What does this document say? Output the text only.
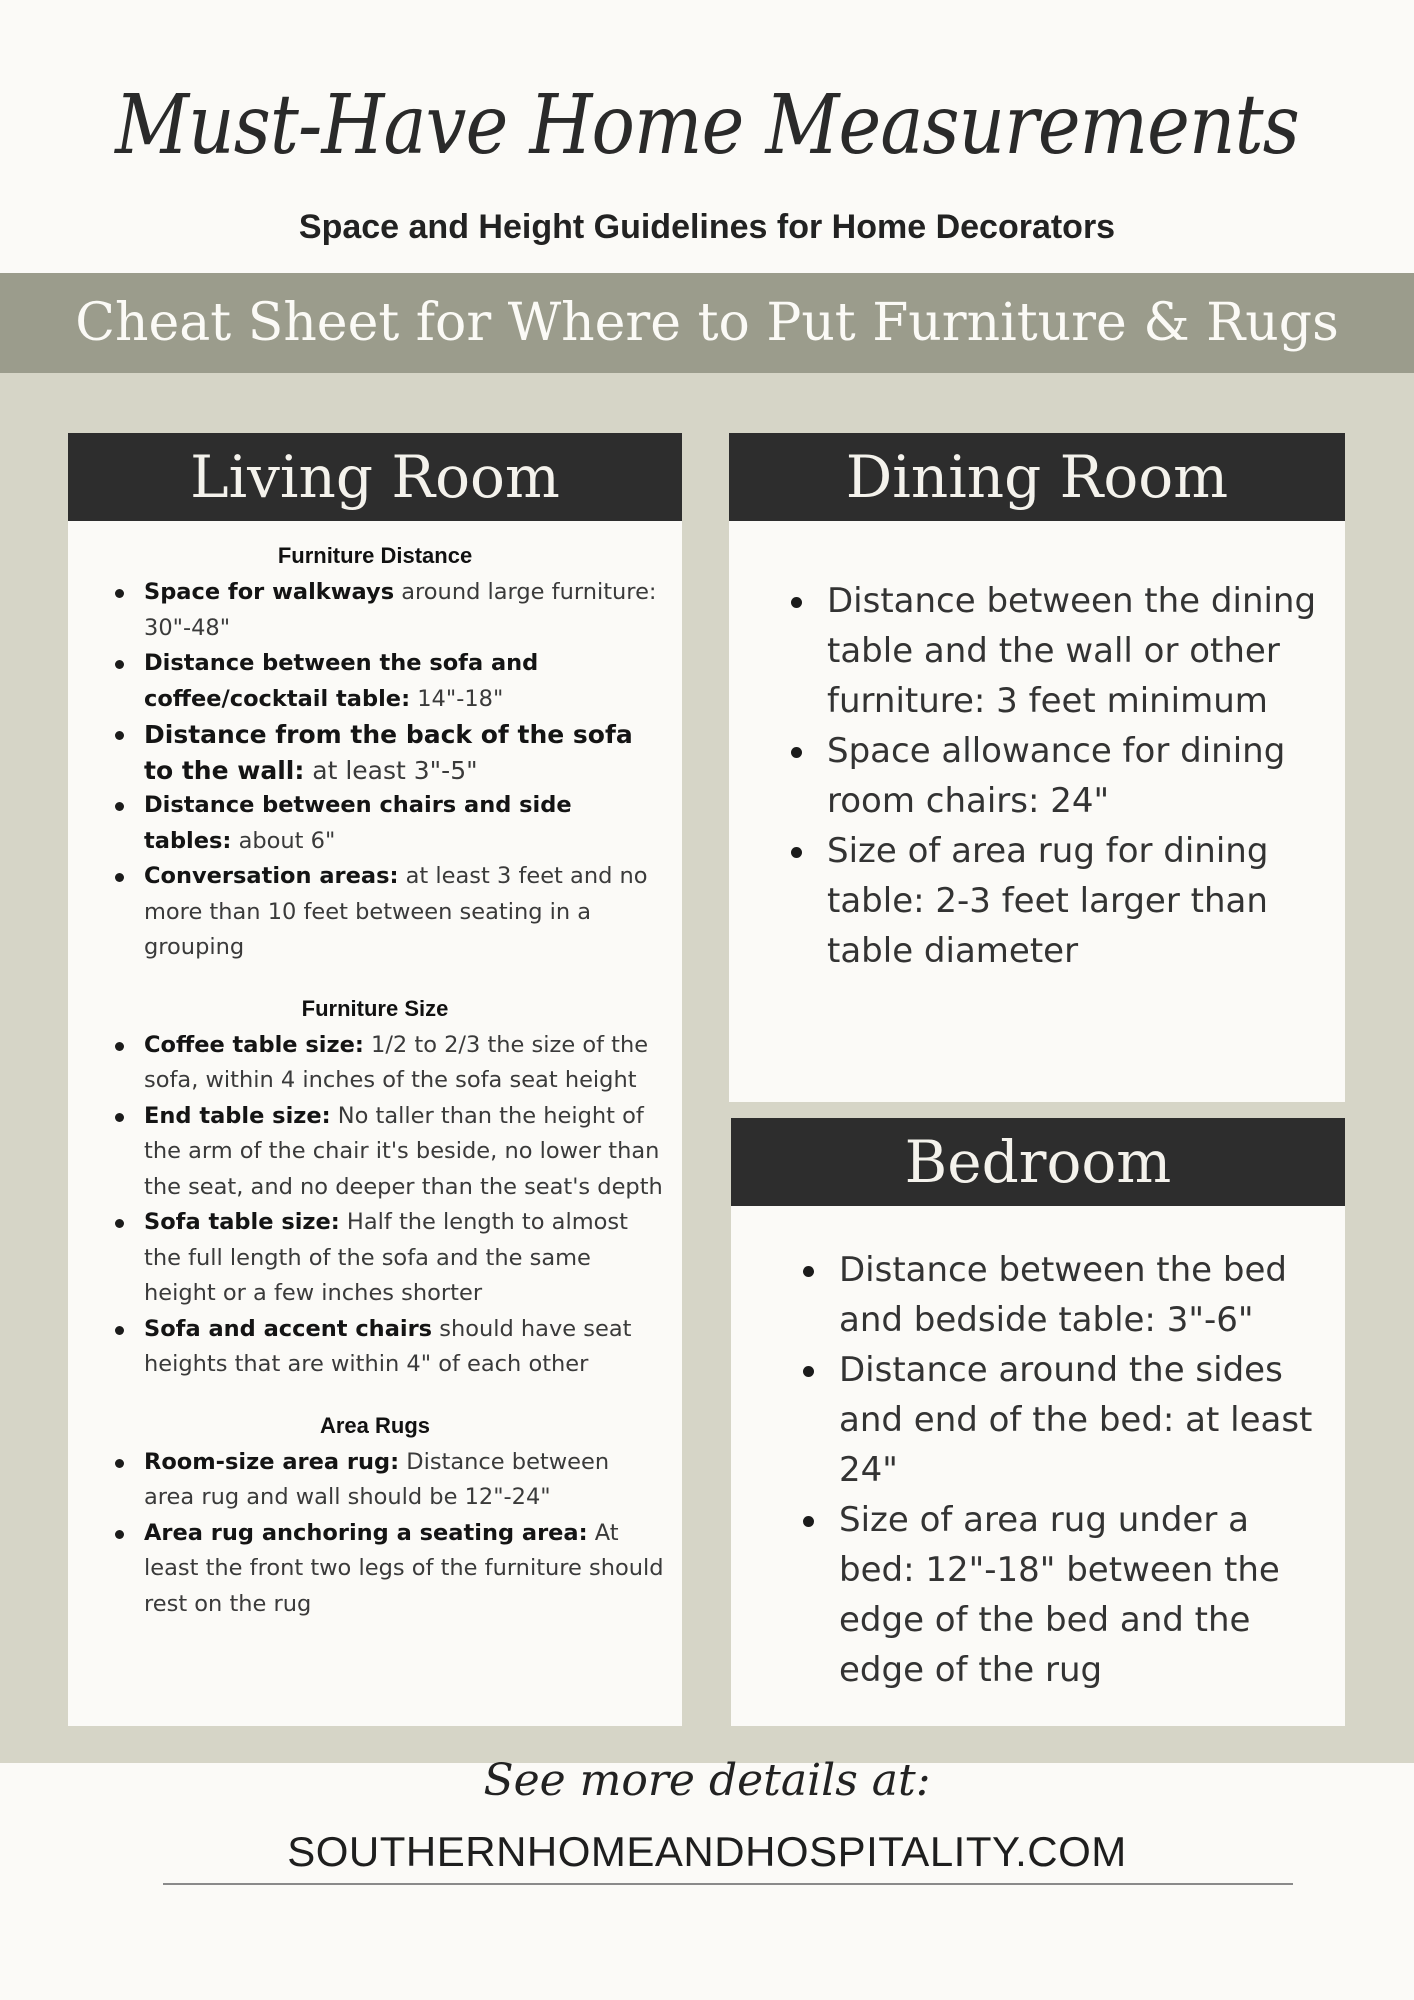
Must-Have Home Measurements
Space and Height Guidelines for Home Decorators
Cheat Sheet for Where to Put Furniture & Rugs
Living Room
Furniture Distance
Space for walkways around large furniture: 30"-48"
Distance between the sofa and coffee/cocktail table: 14"-18"
Distance from the back of the sofa to the wall: at least 3"-5"
Distance between chairs and side tables: about 6"
Conversation areas: at least 3 feet and no more than 10 feet between seating in a grouping
Furniture Size
Coffee table size: 1/2 to 2/3 the size of the sofa, within 4 inches of the sofa seat height
End table size: No taller than the height of the arm of the chair it's beside, no lower than the seat, and no deeper than the seat's depth
Sofa table size: Half the length to almost the full length of the sofa and the same height or a few inches shorter
Sofa and accent chairs should have seat heights that are within 4" of each other
Area Rugs
Room-size area rug: Distance between area rug and wall should be 12"-24"
Area rug anchoring a seating area: At least the front two legs of the furniture should rest on the rug
Dining Room
Distance between the dining table and the wall or other furniture: 3 feet minimum
Space allowance for dining room chairs: 24"
Size of area rug for dining table: 2-3 feet larger than table diameter
Bedroom
Distance between the bed and bedside table: 3"-6"
Distance around the sides and end of the bed: at least 24"
Size of area rug under a bed: 12"-18" between the edge of the bed and the edge of the rug
See more details at:
SOUTHERNHOMEANDHOSPITALITY.COM
